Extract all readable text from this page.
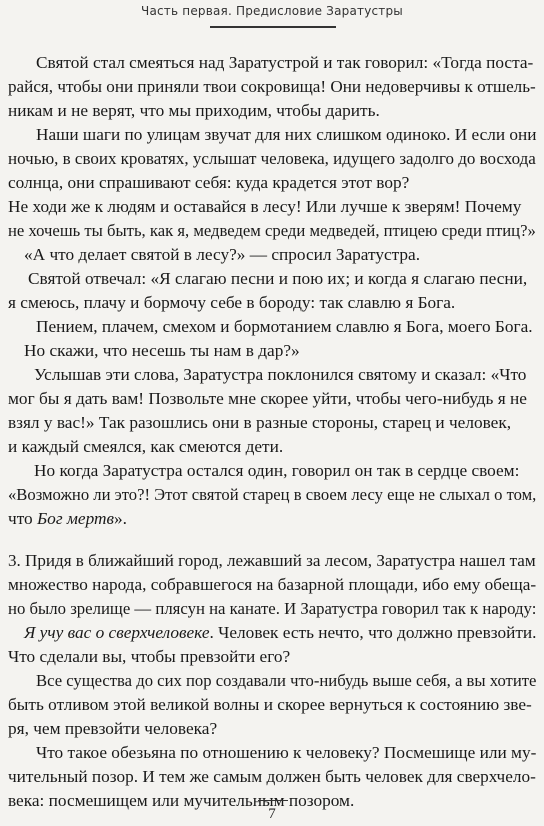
Часть первая. Предисловие Заратустры
Святой стал смеяться над Заратустрой и так говорил: «Тогда поста-
райся, чтобы они приняли твои сокровища! Они недоверчивы к отшель-
никам и не верят, что мы приходим, чтобы дарить.
Наши шаги по улицам звучат для них слишком одиноко. И если они
ночью, в своих кроватях, услышат человека, идущего задолго до восхода
солнца, они спрашивают себя: куда крадется этот вор?
Не ходи же к людям и оставайся в лесу! Или лучше к зверям! Почему
не хочешь ты быть, как я, медведем среди медведей, птицею среди птиц?»
«А что делает святой в лесу?» — спросил Заратустра.
Святой отвечал: «Я слагаю песни и пою их; и когда я слагаю песни,
я смеюсь, плачу и бормочу себе в бороду: так славлю я Бога.
Пением, плачем, смехом и бормотанием славлю я Бога, моего Бога.
Но скажи, что несешь ты нам в дар?»
Услышав эти слова, Заратустра поклонился святому и сказал: «Что
мог бы я дать вам! Позвольте мне скорее уйти, чтобы чего-нибудь я не
взял у вас!» Так разошлись они в разные стороны, старец и человек,
и каждый смеялся, как смеются дети.
Но когда Заратустра остался один, говорил он так в сердце своем:
«Возможно ли это?! Этот святой старец в своем лесу еще не слыхал о том,
что Бог мертв».
3. Придя в ближайший город, лежавший за лесом, Заратустра нашел там
множество народа, собравшегося на базарной площади, ибо ему обеща-
но было зрелище — плясун на канате. И Заратустра говорил так к народу:
Я учу вас о сверхчеловеке. Человек есть нечто, что должно превзойти.
Что сделали вы, чтобы превзойти его?
Все существа до сих пор создавали что-нибудь выше себя, а вы хотите
быть отливом этой великой волны и скорее вернуться к состоянию зве-
ря, чем превзойти человека?
Что такое обезьяна по отношению к человеку? Посмешище или му-
чительный позор. И тем же самым должен быть человек для сверхчело-
века: посмешищем или мучительным позором.
7
